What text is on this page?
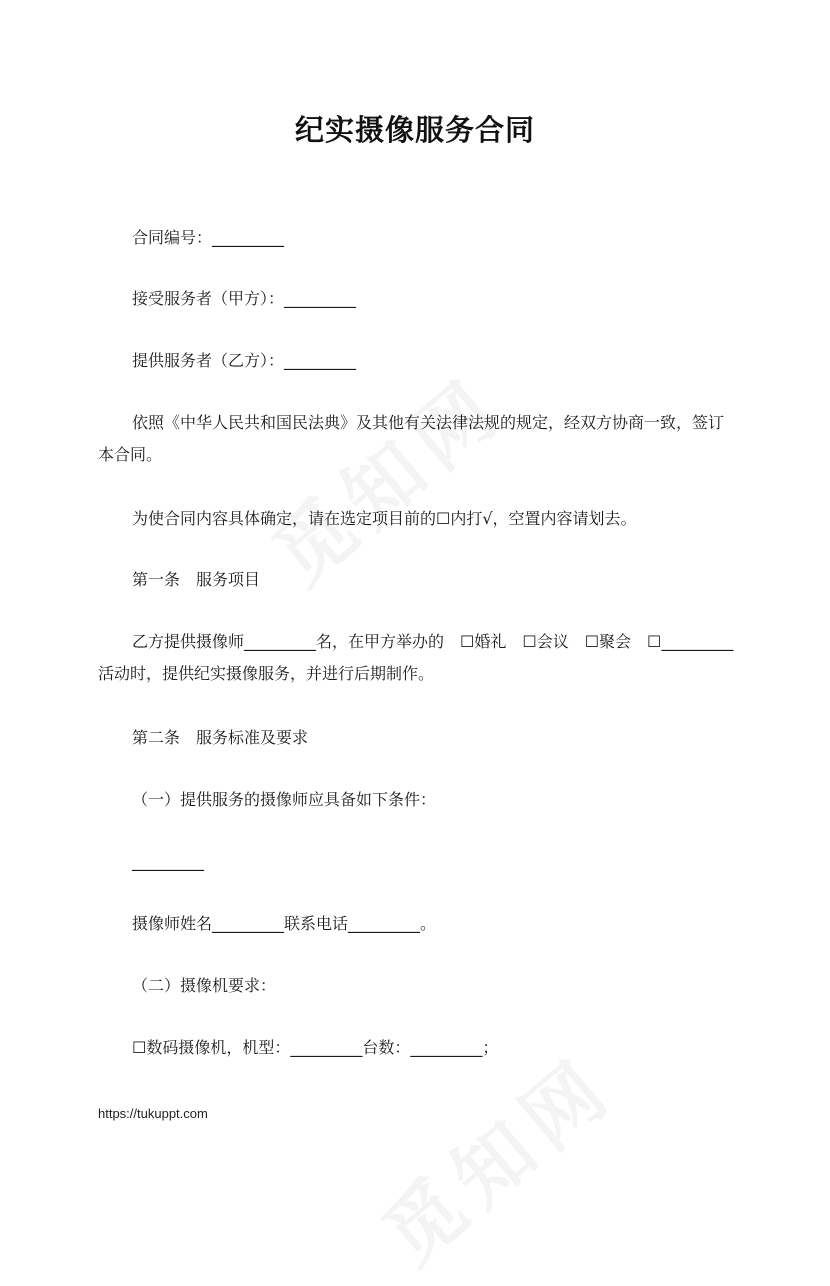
纪实摄像服务合同
合同编号：_________
接受服务者（甲方）：_________
提供服务者（乙方）：_________
依照《中华人民共和国民法典》及其他有关法律法规的规定，经双方协商一致，签订本合同。
为使合同内容具体确定，请在选定项目前的☐内打√，空置内容请划去。
第一条　服务项目
乙方提供摄像师_________名，在甲方举办的　☐婚礼　☐会议　☐聚会　☐_________活动时，提供纪实摄像服务，并进行后期制作。
第二条　服务标准及要求
（一）提供服务的摄像师应具备如下条件：
_________
摄像师姓名_________联系电话_________。
（二）摄像机要求：
☐数码摄像机，机型：_________台数：_________；
https://tukuppt.com
